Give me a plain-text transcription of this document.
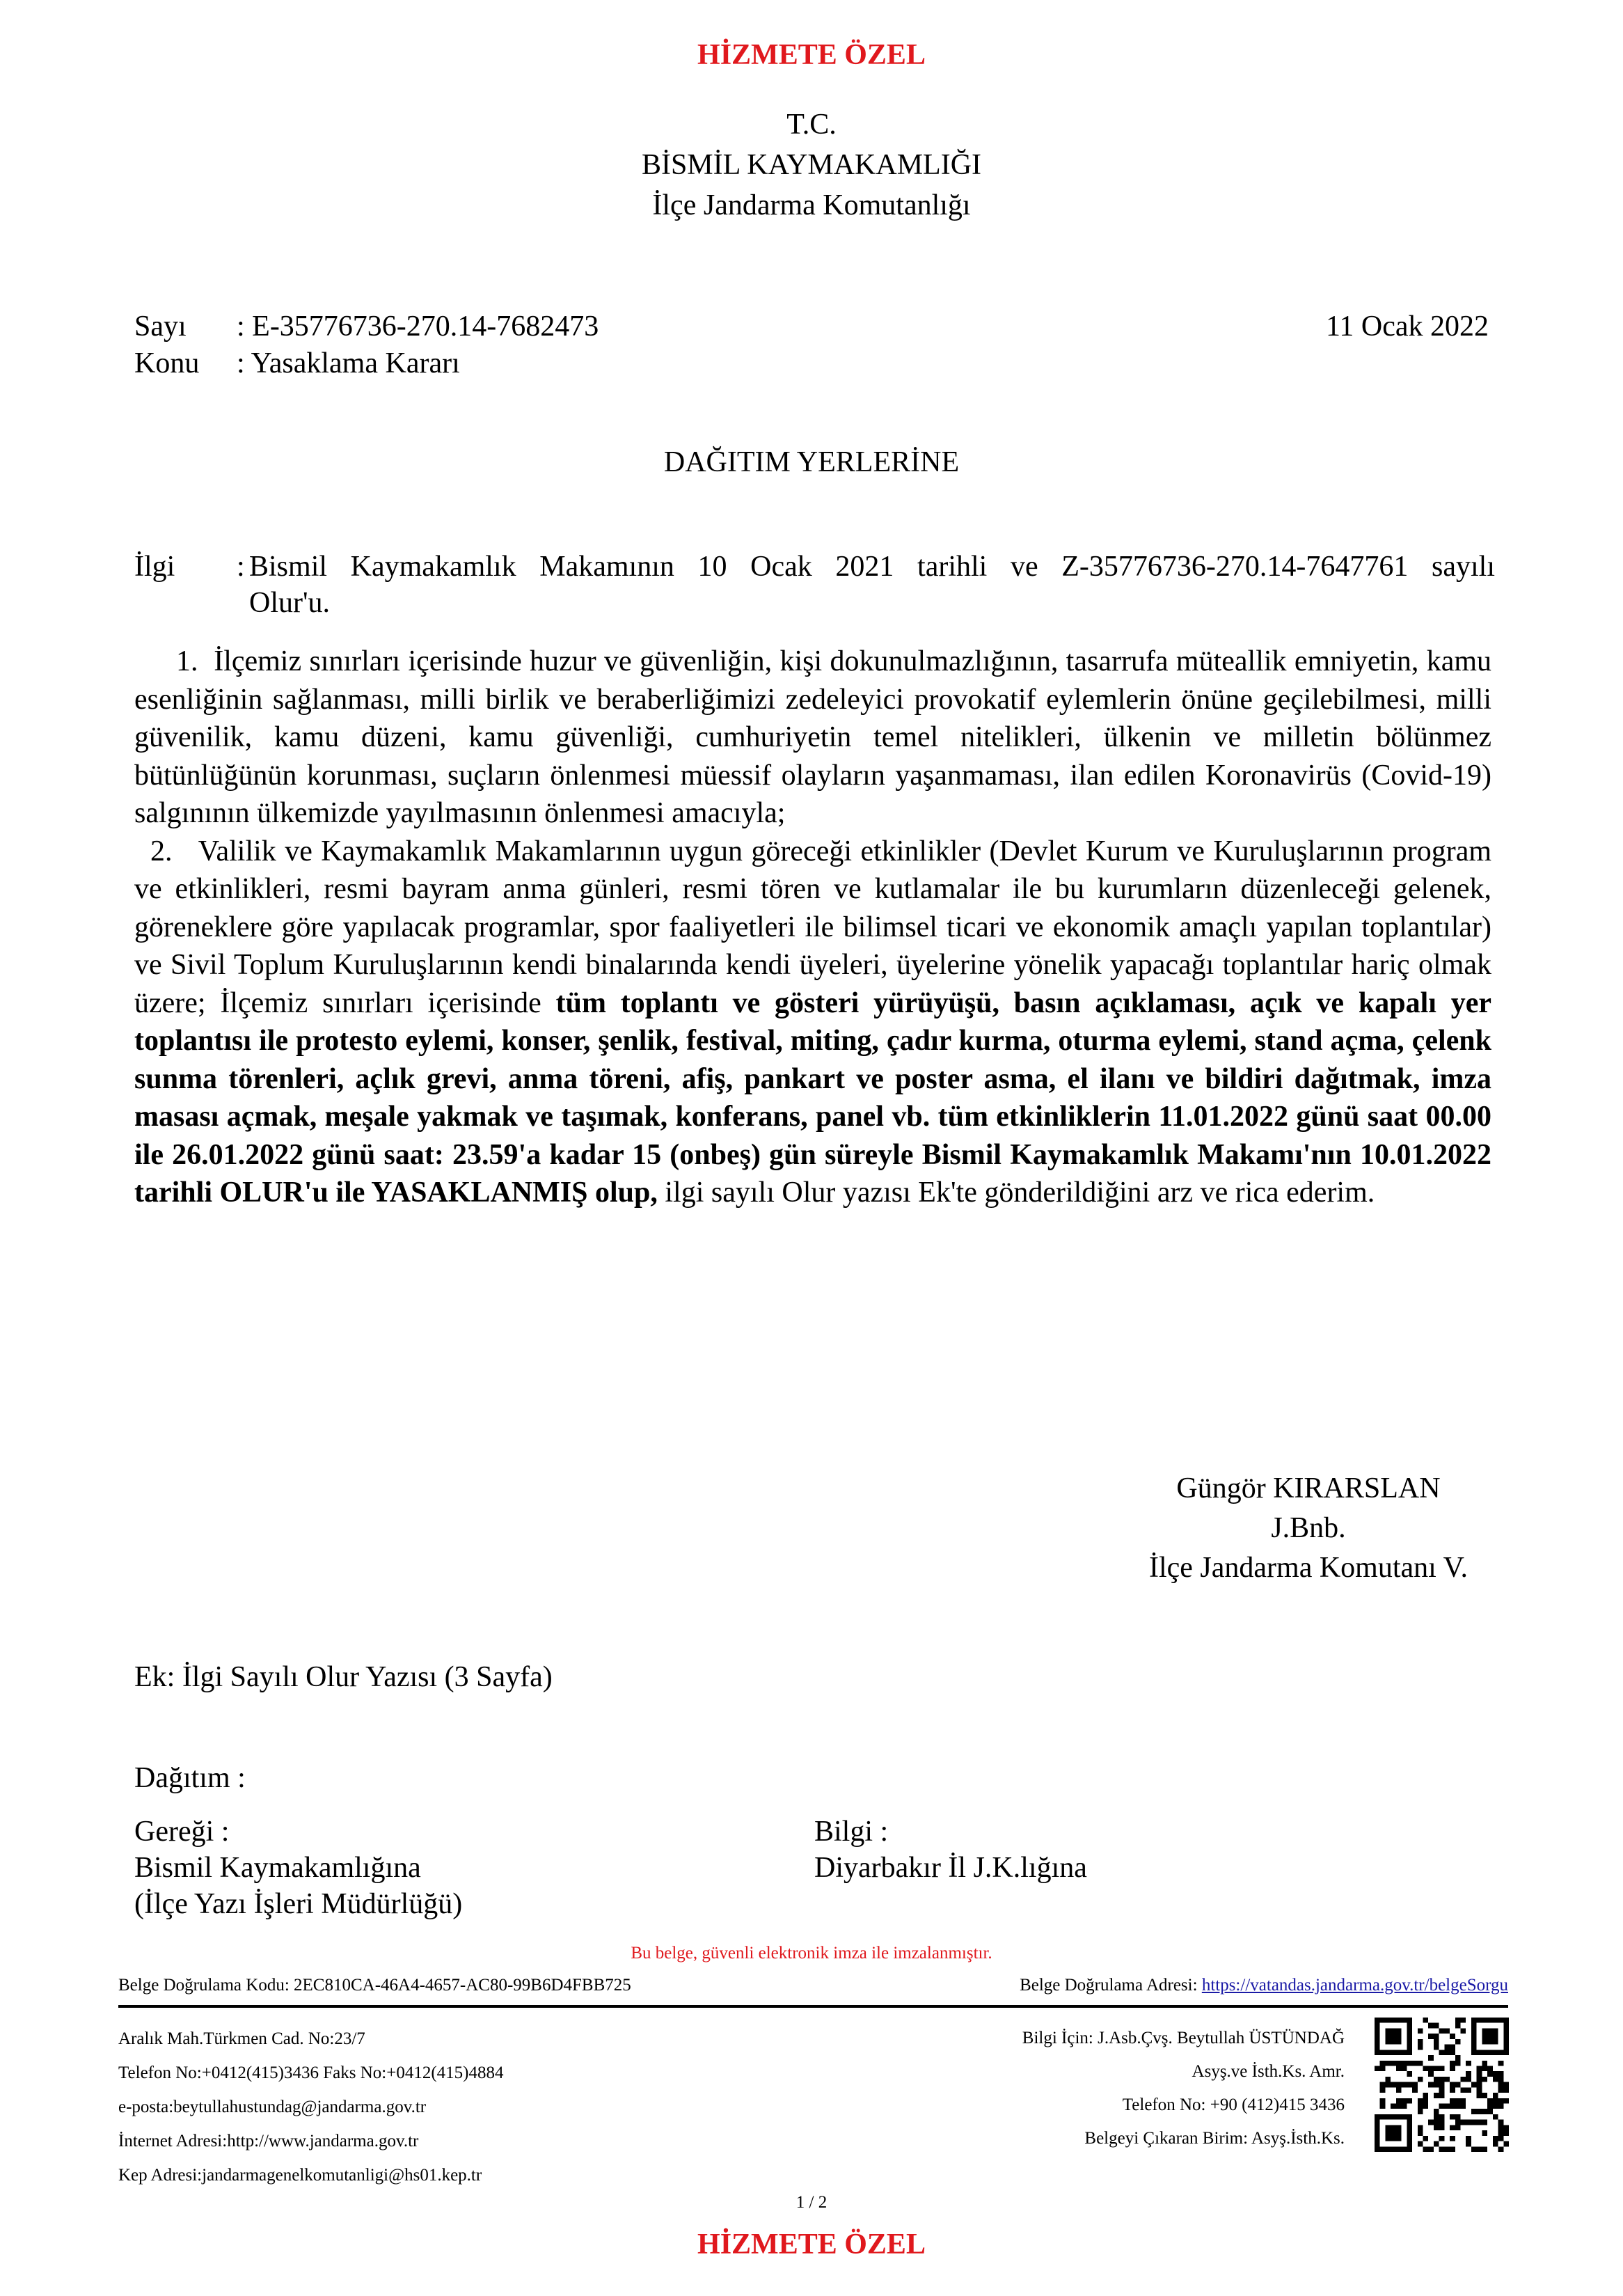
HİZMETE ÖZEL
T.C.
BİSMİL KAYMAKAMLIĞI
İlçe Jandarma Komutanlığı
Sayı : E-35776736-270.14-7682473	11 Ocak 2022
Konu : Yasaklama Kararı
DAĞITIM YERLERİNE
İlgi : Bismil Kaymakamlık Makamının 10 Ocak 2021 tarihli ve Z-35776736-270.14-7647761 sayılı
Olur'u.

1. İlçemiz sınırları içerisinde huzur ve güvenliğin, kişi dokunulmazlığının, tasarrufa müteallik emniyetin, kamu esenliğinin sağlanması, milli birlik ve beraberliğimizi zedeleyici provokatif eylemlerin önüne geçilebilmesi, milli güvenilik, kamu düzeni, kamu güvenliği, cumhuriyetin temel nitelikleri, ülkenin ve milletin bölünmez bütünlüğünün korunması, suçların önlenmesi müessif olayların yaşanmaması, ilan edilen Koronavirüs (Covid-19) salgınının ülkemizde yayılmasının önlenmesi amacıyla;

2. Valilik ve Kaymakamlık Makamlarının uygun göreceği etkinlikler (Devlet Kurum ve Kuruluşlarının program ve etkinlikleri, resmi bayram anma günleri, resmi tören ve kutlamalar ile bu kurumların düzenleceği gelenek, göreneklere göre yapılacak programlar, spor faaliyetleri ile bilimsel ticari ve ekonomik amaçlı yapılan toplantılar) ve Sivil Toplum Kuruluşlarının kendi binalarında kendi üyeleri, üyelerine yönelik yapacağı toplantılar hariç olmak üzere; İlçemiz sınırları içerisinde tüm toplantı ve gösteri yürüyüşü, basın açıklaması, açık ve kapalı yer toplantısı ile protesto eylemi, konser, şenlik, festival, miting, çadır kurma, oturma eylemi, stand açma, çelenk sunma törenleri, açlık grevi, anma töreni, afiş, pankart ve poster asma, el ilanı ve bildiri dağıtmak, imza masası açmak, meşale yakmak ve taşımak, konferans, panel vb. tüm etkinliklerin 11.01.2022 günü saat 00.00 ile 26.01.2022 günü saat: 23.59'a kadar 15 (onbeş) gün süreyle Bismil Kaymakamlık Makamı'nın 10.01.2022 tarihli OLUR'u ile YASAKLANMIŞ olup, ilgi sayılı Olur yazısı Ek'te gönderildiğini arz ve rica ederim.

Güngör KIRARSLAN
J.Bnb.
İlçe Jandarma Komutanı V.
Ek: İlgi Sayılı Olur Yazısı (3 Sayfa)
Dağıtım :
Gereği :
Bismil Kaymakamlığına
(İlçe Yazı İşleri Müdürlüğü)
Bilgi :
Diyarbakır İl J.K.lığına
Bu belge, güvenli elektronik imza ile imzalanmıştır.
Belge Doğrulama Kodu: 2EC810CA-46A4-4657-AC80-99B6D4FBB725	Belge Doğrulama Adresi: https://vatandas.jandarma.gov.tr/belgeSorgu
Aralık Mah.Türkmen Cad. No:23/7
Telefon No:+0412(415)3436 Faks No:+0412(415)4884
e-posta:beytullahustundag@jandarma.gov.tr
İnternet Adresi:http://www.jandarma.gov.tr
Kep Adresi:jandarmagenelkomutanligi@hs01.kep.tr
Bilgi İçin: J.Asb.Çvş. Beytullah ÜSTÜNDAĞ
Asyş.ve İsth.Ks. Amr.
Telefon No: +90 (412)415 3436
Belgeyi Çıkaran Birim: Asyş.İsth.Ks.
1 / 2
HİZMETE ÖZEL
